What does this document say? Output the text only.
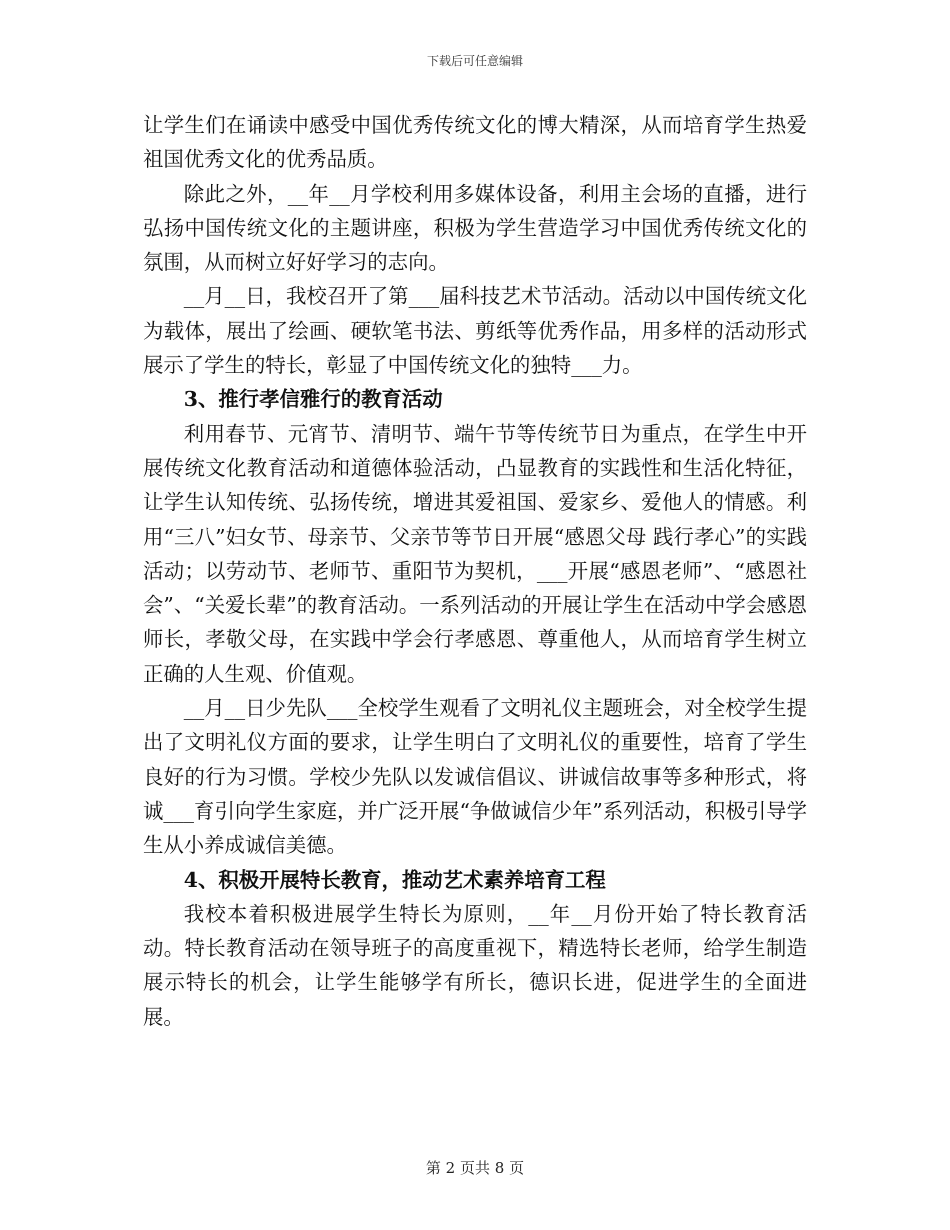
下载后可任意编辑

让学生们在诵读中感受中国优秀传统文化的博大精深，从而培育学生热爱祖国优秀文化的优秀品质。

除此之外，__年__月学校利用多媒体设备，利用主会场的直播，进行弘扬中国传统文化的主题讲座，积极为学生营造学习中国优秀传统文化的氛围，从而树立好好学习的志向。

__月__日，我校召开了第___届科技艺术节活动。活动以中国传统文化为载体，展出了绘画、硬软笔书法、剪纸等优秀作品，用多样的活动形式展示了学生的特长，彰显了中国传统文化的独特___力。

3、推行孝信雅行的教育活动

利用春节、元宵节、清明节、端午节等传统节日为重点，在学生中开展传统文化教育活动和道德体验活动，凸显教育的实践性和生活化特征，让学生认知传统、弘扬传统，增进其爱祖国、爱家乡、爱他人的情感。利用“三八”妇女节、母亲节、父亲节等节日开展“感恩父母 践行孝心”的实践活动；以劳动节、老师节、重阳节为契机，___开展“感恩老师”、“感恩社会”、“关爱长辈”的教育活动。一系列活动的开展让学生在活动中学会感恩师长，孝敬父母，在实践中学会行孝感恩、尊重他人，从而培育学生树立正确的人生观、价值观。

__月__日少先队___全校学生观看了文明礼仪主题班会，对全校学生提出了文明礼仪方面的要求，让学生明白了文明礼仪的重要性，培育了学生良好的行为习惯。学校少先队以发诚信倡议、讲诚信故事等多种形式，将诚___育引向学生家庭，并广泛开展“争做诚信少年”系列活动，积极引导学生从小养成诚信美德。

4、积极开展特长教育，推动艺术素养培育工程

我校本着积极进展学生特长为原则，__年__月份开始了特长教育活动。特长教育活动在领导班子的高度重视下，精选特长老师，给学生制造展示特长的机会，让学生能够学有所长，德识长进，促进学生的全面进展。

第 2 页共 8 页
